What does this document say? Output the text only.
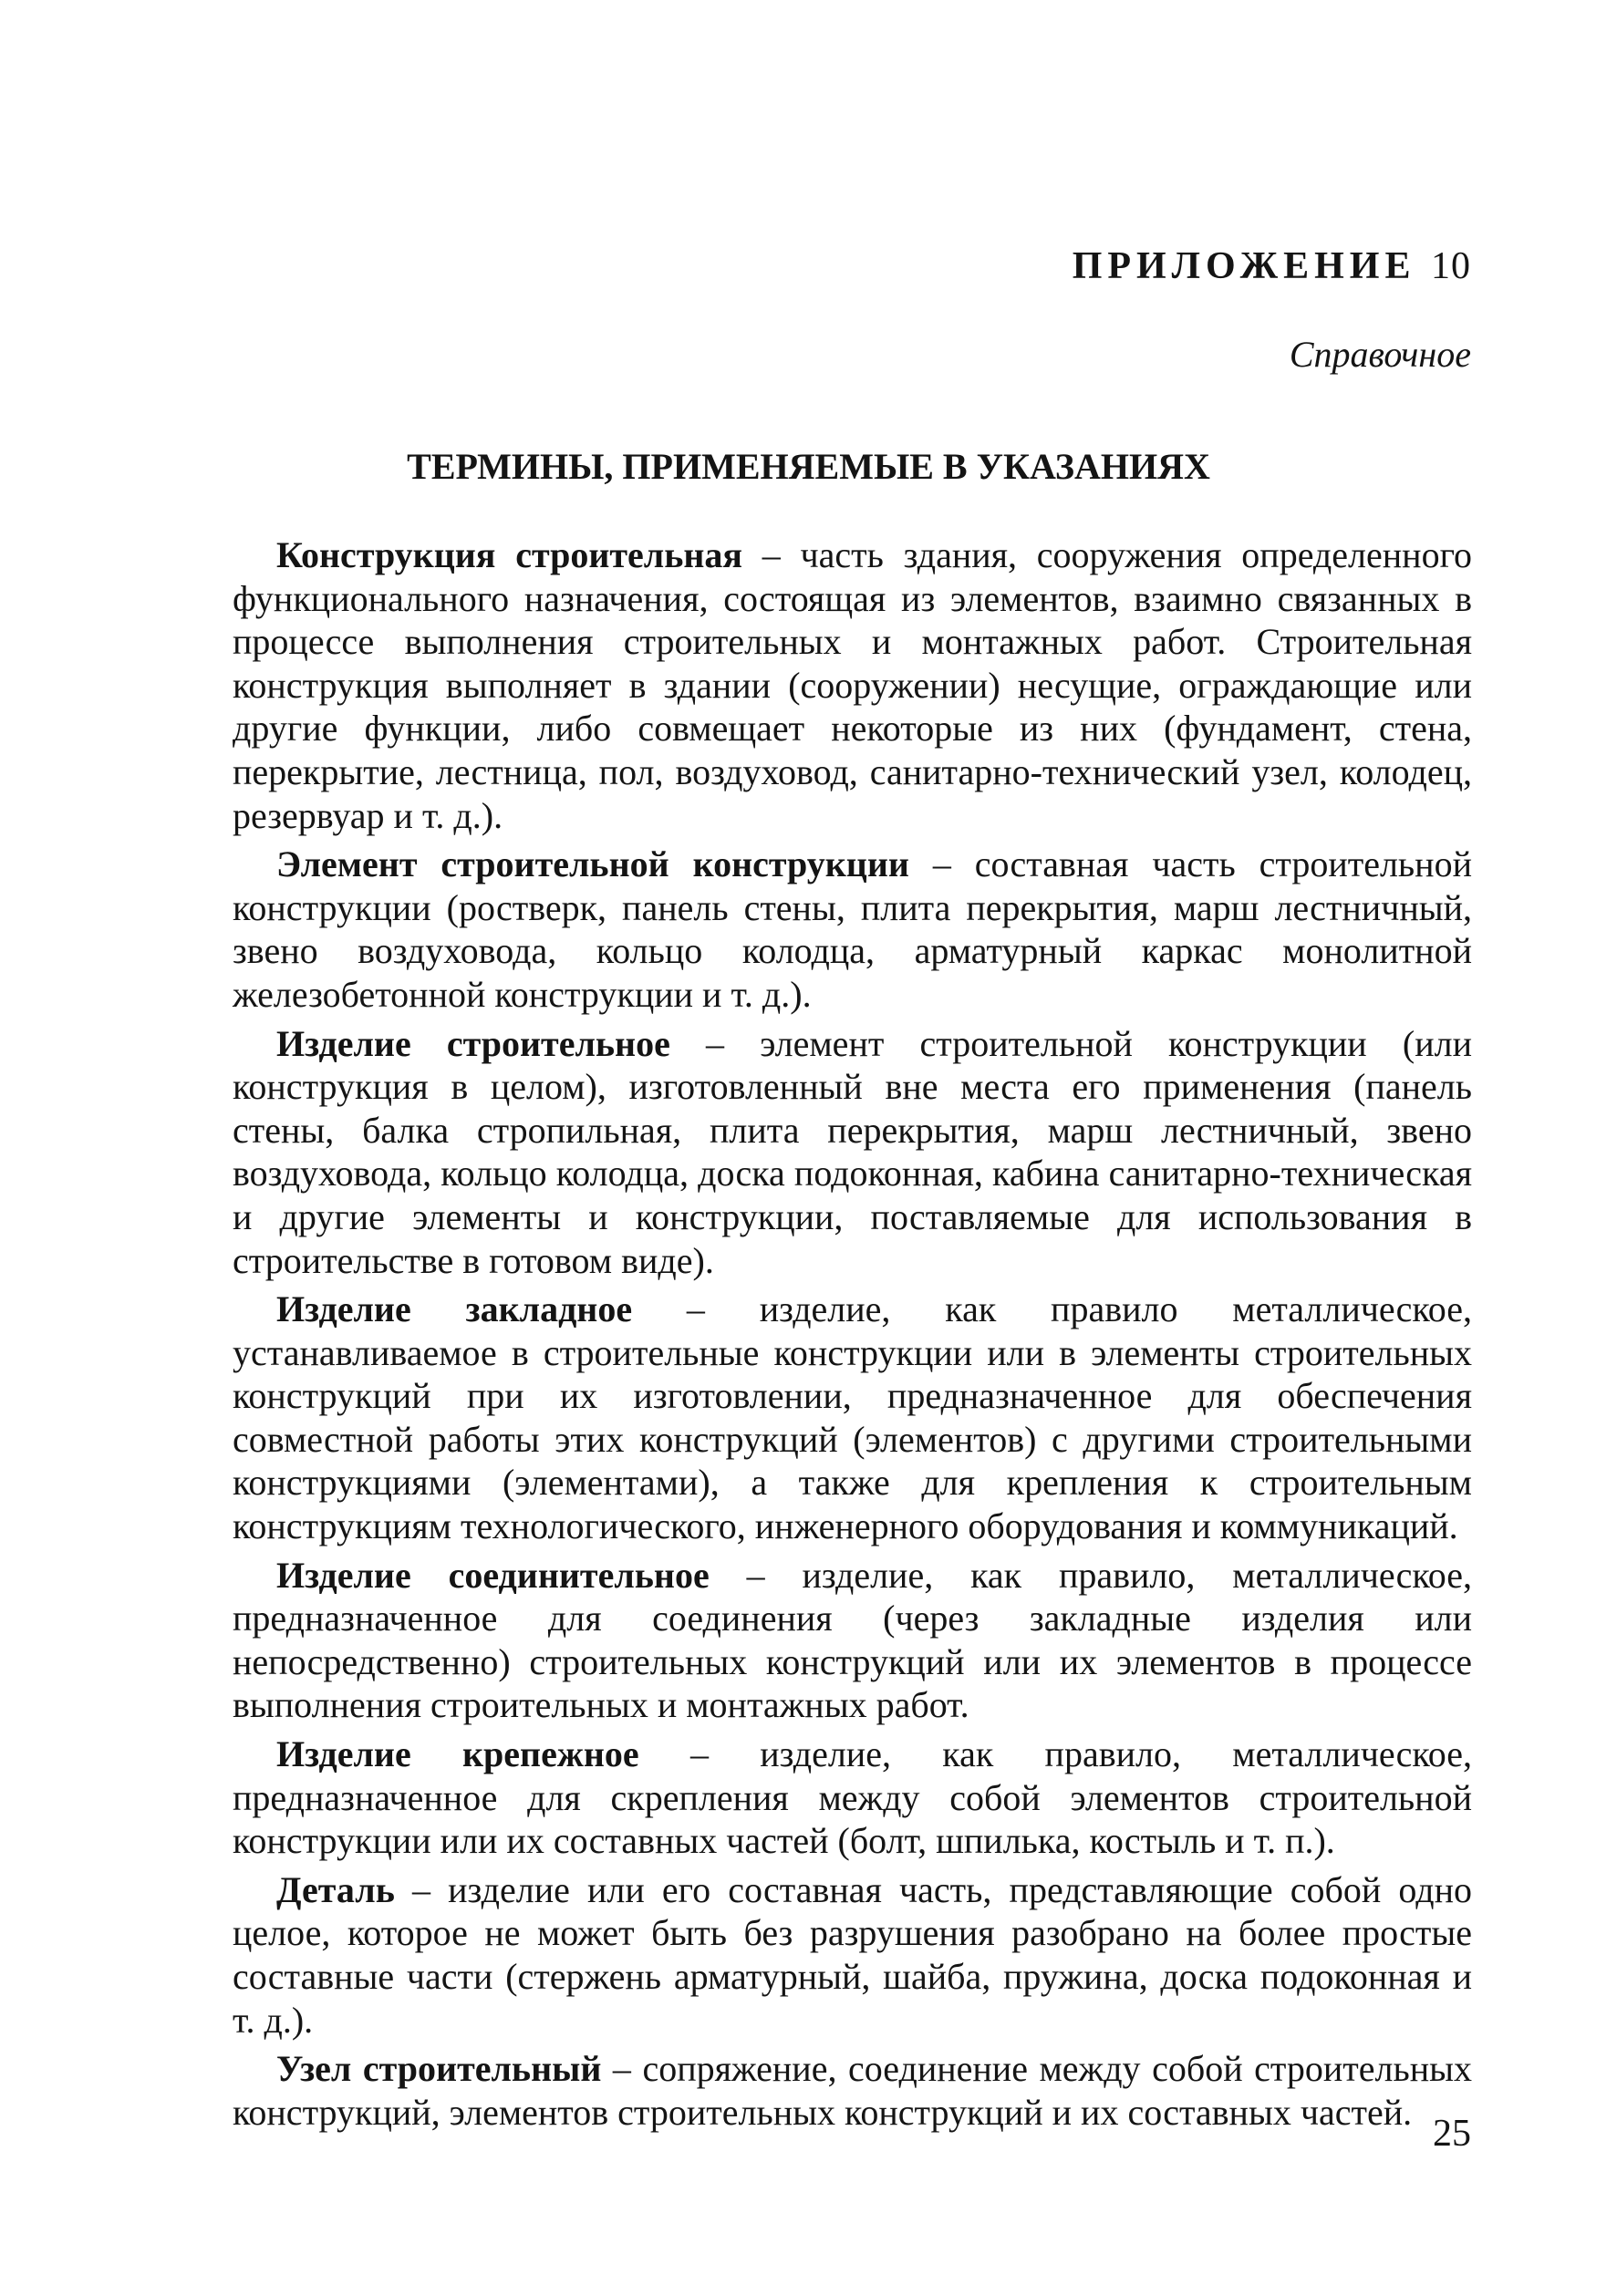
ПРИЛОЖЕНИЕ 10
Справочное
ТЕРМИНЫ, ПРИМЕНЯЕМЫЕ В УКАЗАНИЯХ

Конструкция строительная – часть здания, сооружения определенного функционального назначения, состоящая из элементов, взаимно связанных в процессе выполнения строительных и монтажных работ. Строительная конструкция выполняет в здании (сооружении) несущие, ограждающие или другие функции, либо совмещает некоторые из них (фундамент, стена, перекрытие, лестница, пол, воздуховод, санитарно-технический узел, колодец, резервуар и т. д.).

Элемент строительной конструкции – составная часть строительной конструкции (ростверк, панель стены, плита перекрытия, марш лестничный, звено воздуховода, кольцо колодца, арматурный каркас монолитной железобетонной конструкции и т. д.).

Изделие строительное – элемент строительной конструкции (или конструкция в целом), изготовленный вне места его применения (панель стены, балка стропильная, плита перекрытия, марш лестничный, звено воздуховода, кольцо колодца, доска подоконная, кабина санитарно-техническая и другие элементы и конструкции, поставляемые для использования в строительстве в готовом виде).

Изделие закладное – изделие, как правило металлическое, устанавливаемое в строительные конструкции или в элементы строительных конструкций при их изготовлении, предназначенное для обеспечения совместной работы этих конструкций (элементов) с другими строительными конструкциями (элементами), а также для крепления к строительным конструкциям технологического, инженерного оборудования и коммуникаций.

Изделие соединительное – изделие, как правило, металлическое, предназначенное для соединения (через закладные изделия или непосредственно) строительных конструкций или их элементов в процессе выполнения строительных и монтажных работ.

Изделие крепежное – изделие, как правило, металлическое, предназначенное для скрепления между собой элементов строительной конструкции или их составных частей (болт, шпилька, костыль и т. п.).

Деталь – изделие или его составная часть, представляющие собой одно целое, которое не может быть без разрушения разобрано на более простые составные части (стержень арматурный, шайба, пружина, доска подоконная и т. д.).

Узел строительный – сопряжение, соединение между собой строительных конструкций, элементов строительных конструкций и их составных частей.

25
